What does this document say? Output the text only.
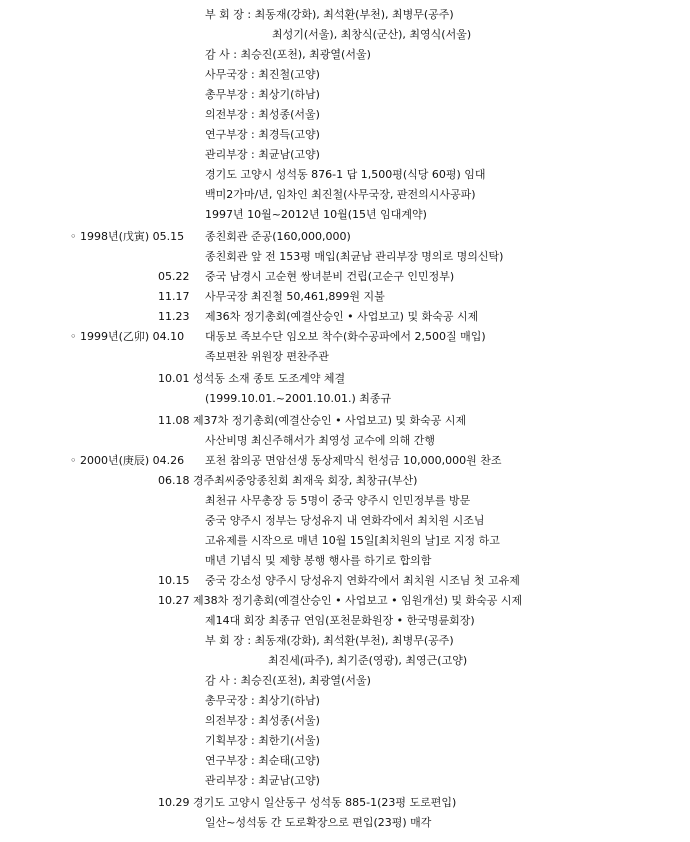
부 회 장 : 최동재(강화), 최석환(부천), 최병무(공주)

최성기(서울), 최창식(군산), 최영식(서울)

감 사 : 최승진(포천), 최광열(서울)

사무국장 : 최진철(고양)

총무부장 : 최상기(하남)

의전부장 : 최성종(서울)

연구부장 : 최경득(고양)

관리부장 : 최균남(고양)

경기도 고양시 성석동 876-1 답 1,500평(식당 60평) 임대

백미2가마/년, 임차인 최진철(사무국장, 판전의시사공파)

1997년 10월~2012년 10월(15년 임대계약)

◦ 1998년(戊寅) 05.15 종친회관 준공(160,000,000)

종친회관 앞 전 153평 매입(최균남 관리부장 명의로 명의신탁)

05.22 중국 남경시 고순현 쌍녀분비 건립(고순구 인민정부)

11.17 사무국장 최진철 50,461,899원 지불

11.23 제36차 정기총회(예결산승인 • 사업보고) 및 화숙공 시제

◦ 1999년(乙卯) 04.10 대동보 족보수단 임오보 착수(화수공파에서 2,500질 매입)

족보편찬 위원장 편찬주관

10.01 성석동 소재 종토 도조계약 체결

(1999.10.01.~2001.10.01.) 최종규

11.08 제37차 정기총회(예결산승인 • 사업보고) 및 화숙공 시제

사산비명 최신주해서가 최영성 교수에 의해 간행

◦ 2000년(庚辰) 04.26 포천 참의공 면암선생 동상제막식 헌성금 10,000,000원 찬조

06.18 경주최씨중앙종친회 최재욱 회장, 최창규(부산)

최천규 사무총장 등 5명이 중국 양주시 인민정부를 방문

중국 양주시 정부는 당성유지 내 연화각에서 최치원 시조님

고유제를 시작으로 매년 10월 15일[최치원의 날]로 지정 하고

매년 기념식 및 제향 봉행 행사를 하기로 합의함

10.15 중국 강소성 양주시 당성유지 연화각에서 최치원 시조님 첫 고유제

10.27 제38차 정기총회(예결산승인 • 사업보고 • 임원개선) 및 화숙공 시제

제14대 회장 최종규 연임(포천문화원장 • 한국명륜회장)

부 회 장 : 최동재(강화), 최석환(부천), 최병무(공주)

최진세(파주), 최기준(영광), 최영근(고양)

감 사 : 최승진(포천), 최광열(서울)

총무국장 : 최상기(하남)

의전부장 : 최성종(서울)

기획부장 : 최한기(서울)

연구부장 : 최순태(고양)

관리부장 : 최균남(고양)

10.29 경기도 고양시 일산동구 성석동 885-1(23평 도로편입)

일산~성석동 간 도로확장으로 편입(23평) 매각
